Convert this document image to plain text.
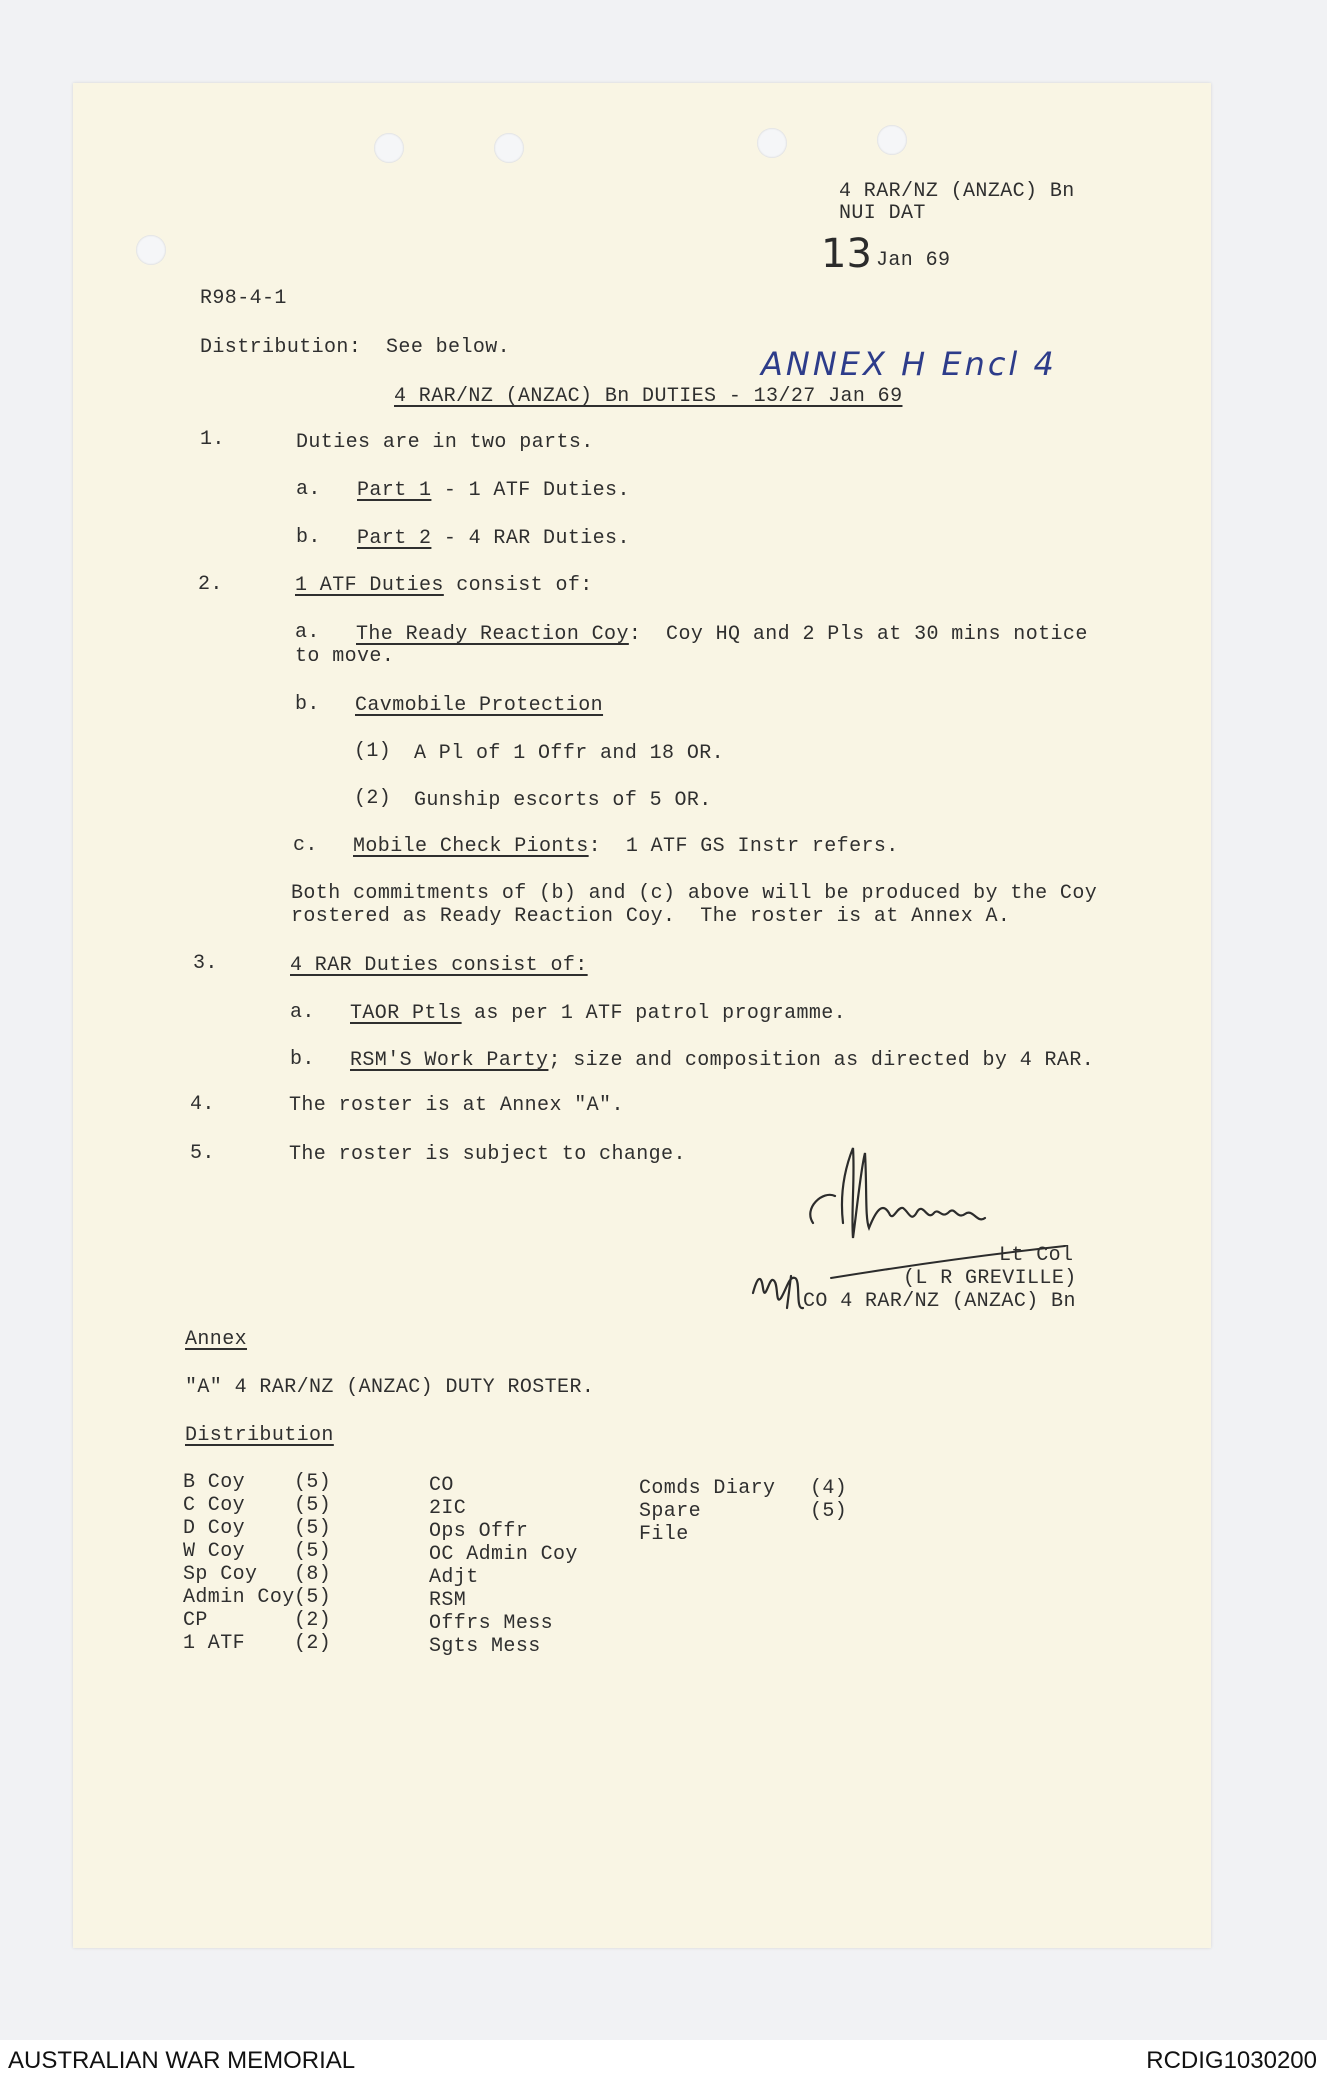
4 RAR/NZ (ANZAC) Bn
NUI DAT
13 Jan 69
R98-4-1
Distribution:  See below.	ANNEX H Encl 4
4 RAR/NZ (ANZAC) Bn DUTIES - 13/27 Jan 69
1.	Duties are in two parts.
a. Part 1 - 1 ATF Duties.
b. Part 2 - 4 RAR Duties.
2.	1 ATF Duties consist of:
a. The Ready Reaction Coy:  Coy HQ and 2 Pls at 30 mins notice
to move.
b. Cavmobile Protection
(1) A Pl of 1 Offr and 18 OR.
(2) Gunship escorts of 5 OR.
c. Mobile Check Pionts:  1 ATF GS Instr refers.
Both commitments of (b) and (c) above will be produced by the Coy
rostered as Ready Reaction Coy.  The roster is at Annex A.
3.	4 RAR Duties consist of:
a. TAOR Ptls as per 1 ATF patrol programme.
b. RSM'S Work Party; size and composition as directed by 4 RAR.
4.	The roster is at Annex "A".
5.	The roster is subject to change.
Lt Col
(L R GREVILLE)
CO 4 RAR/NZ (ANZAC) Bn
Annex
"A" 4 RAR/NZ (ANZAC) DUTY ROSTER.
Distribution
B Coy (5)
C Coy (5)
D Coy (5)
W Coy (5)
Sp Coy (8)
Admin Coy (5)
CP	(2)
1 ATF (2)
CO
2IC
Ops Offr
OC Admin Coy
Adjt
RSM
Offrs Mess
Sgts Mess
Comds Diary (4)
Spare	(5)
File
AUSTRALIAN WAR MEMORIAL	RCDIG1030200
